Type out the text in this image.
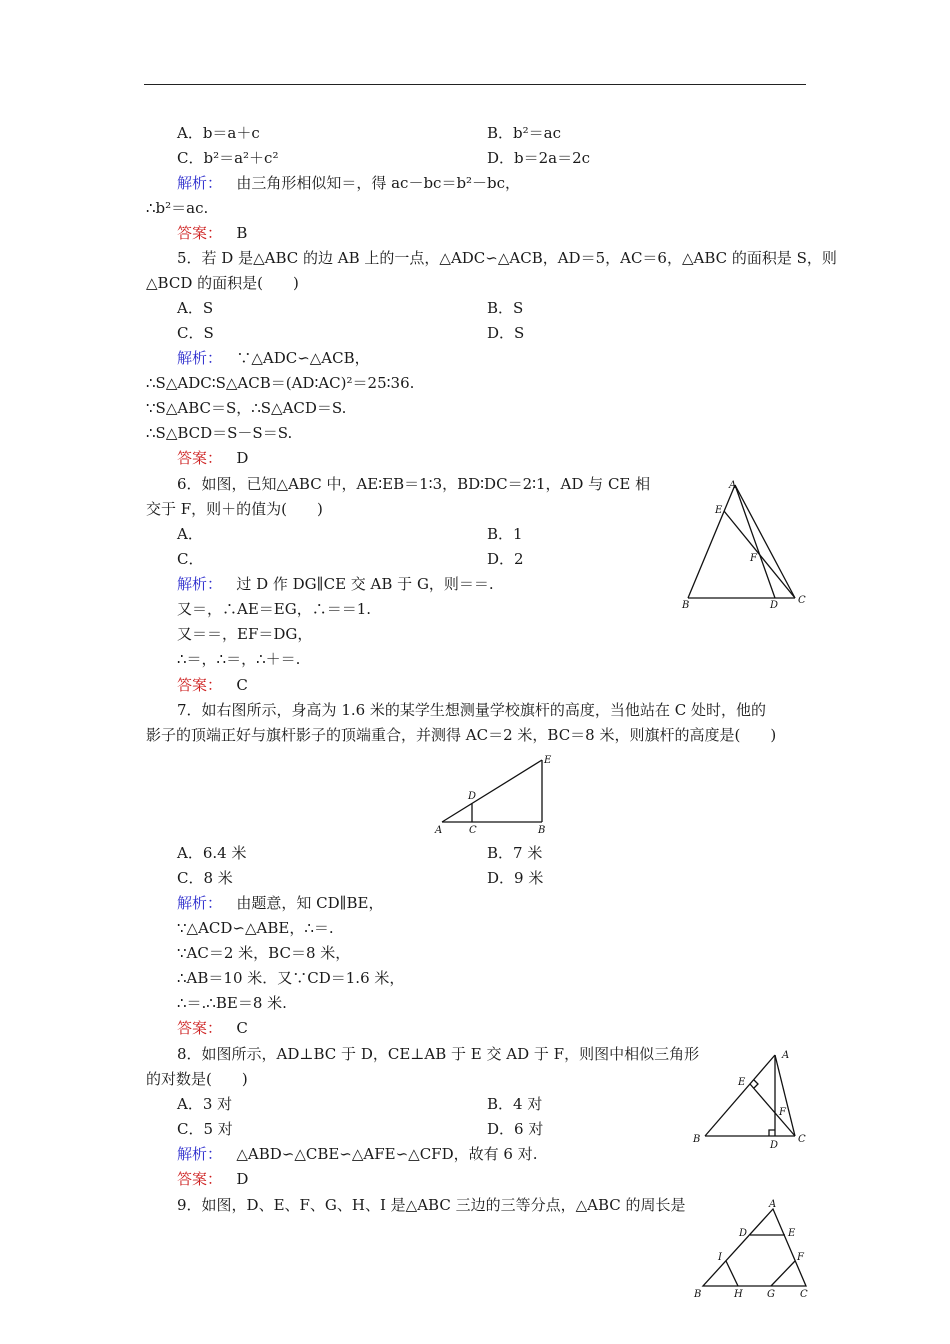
A．b＝a＋c	B．b²＝ac
C．b²＝a²＋c²	D．b＝2a＝2c
解析： 由三角形相似知＝，得 ac－bc＝b²－bc，
∴b²＝ac.
答案： B
5．若 D 是△ABC 的边 AB 上的一点，△ADC∽△ACB，AD＝5，AC＝6，△ABC 的面积是 S，则
△BCD 的面积是(　　)
A．S	B．S
C．S	D．S
解析： ∵△ADC∽△ACB，
∴S△ADC∶S△ACB＝(AD∶AC)²＝25∶36.
∵S△ABC＝S，∴S△ACD＝S.
∴S△BCD＝S－S＝S.
答案： D
6．如图，已知△ABC 中，AE∶EB＝1∶3，BD∶DC＝2∶1，AD 与 CE 相
交于 F，则＋的值为(　　)
A．	B．1
C．	D．2
解析： 过 D 作 DG∥CE 交 AB 于 G，则＝＝.
又＝，∴AE＝EG，∴＝＝1.
又＝＝，EF＝DG，
∴＝，∴＝，∴＋＝.
答案： C
A
E
F
B	D C
7．如右图所示，身高为 1.6 米的某学生想测量学校旗杆的高度，当他站在 C 处时，他的
影子的顶端正好与旗杆影子的顶端重合，并测得 AC＝2 米，BC＝8 米，则旗杆的高度是(　　)
E
D
A	C	B
A．6.4 米	B．7 米
C．8 米	D．9 米
解析： 由题意，知 CD∥BE，
∵△ACD∽△ABE，∴＝.
∵AC＝2 米，BC＝8 米，
∴AB＝10 米．又∵CD＝1.6 米，
∴＝.∴BE＝8 米.
答案： C
8．如图所示，AD⊥BC 于 D，CE⊥AB 于 E 交 AD 于 F，则图中相似三角形
的对数是(　　)
A．3 对	B．4 对
C．5 对	D．6 对
解析： △ABD∽△CBE∽△AFE∽△CFD，故有 6 对.
答案： D
A
E
F
B
D
C
9．如图，D、E、F、G、H、I 是△ABC 三边的三等分点，△ABC 的周长是	A
D	E
I	F
B	H G	C
